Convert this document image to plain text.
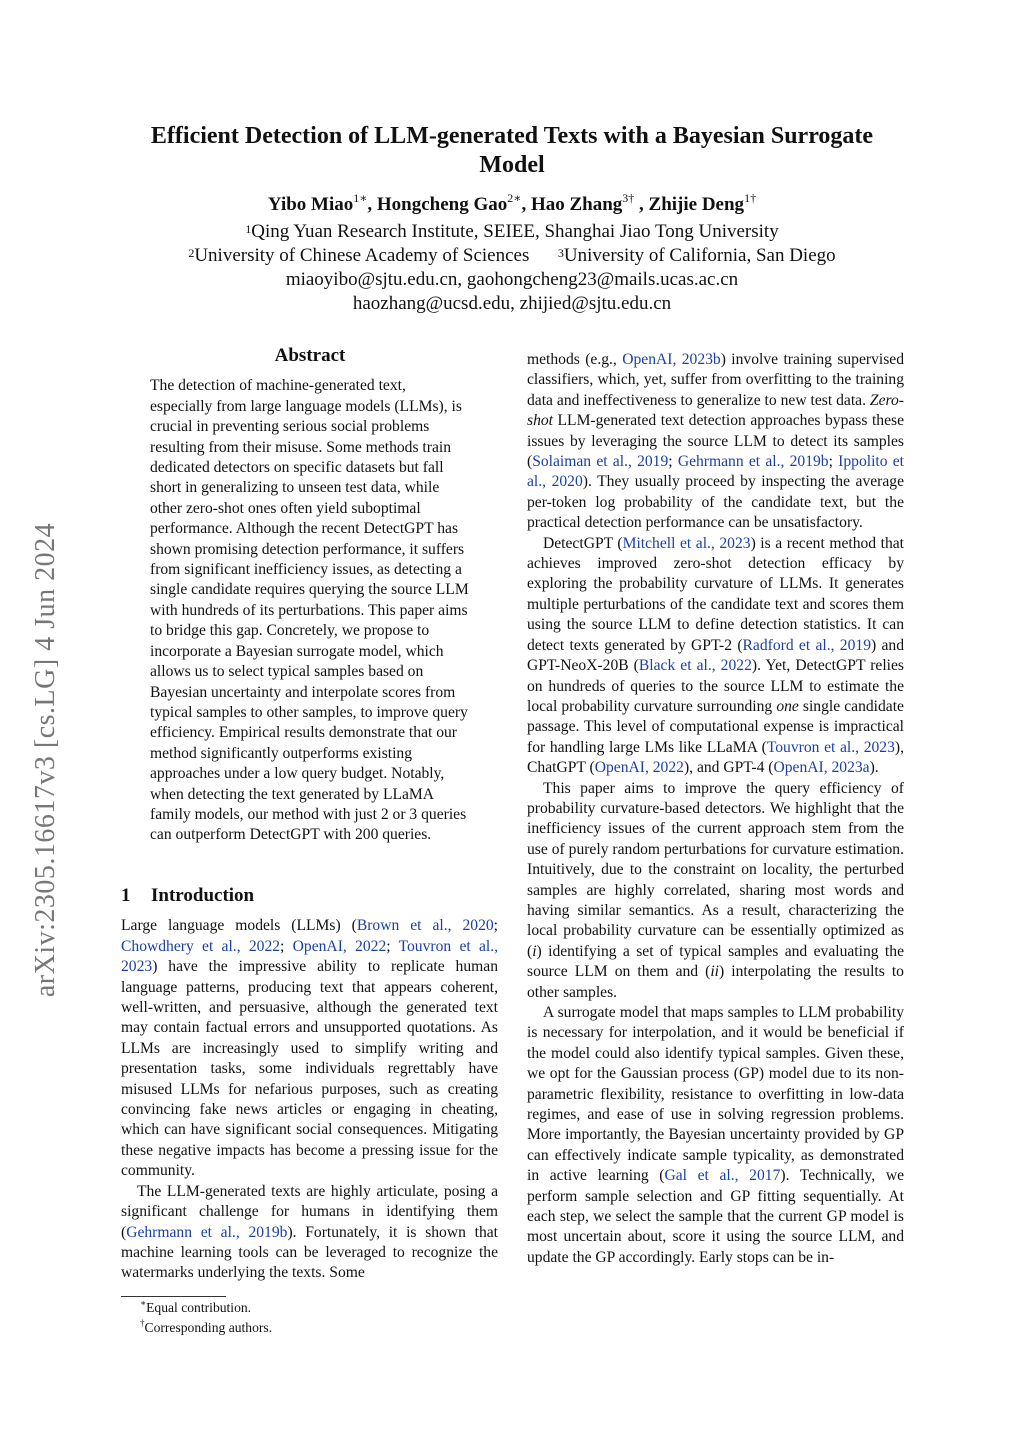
arXiv:2305.16617v3 [cs.LG] 4 Jun 2024
Efficient Detection of LLM-generated Texts with a Bayesian Surrogate Model
Yibo Miao$^{1∗}$, Hongcheng Gao$^{2∗}$, Hao Zhang$^{3\dagger}$ , Zhijie Deng$^{1\dagger}$
$^1$Qing Yuan Research Institute, SEIEE, Shanghai Jiao Tong University
$^2$University of Chinese Academy of Sciences $^3$University of California, San Diego
miaoyibo@sjtu.edu.cn, gaohongcheng23@mails.ucas.ac.cn
haozhang@ucsd.edu, zhijied@sjtu.edu.cn
Abstract

The detection of machine-generated text, especially from large language models (LLMs), is crucial in preventing serious social problems resulting from their misuse. Some methods train dedicated detectors on specific datasets but fall short in generalizing to unseen test data, while other zero-shot ones often yield suboptimal performance. Although the recent DetectGPT has shown promising detection performance, it suffers from significant inefficiency issues, as detecting a single candidate requires querying the source LLM with hundreds of its perturbations. This paper aims to bridge this gap. Concretely, we propose to incorporate a Bayesian surrogate model, which allows us to select typical samples based on Bayesian uncertainty and interpolate scores from typical samples to other samples, to improve query efficiency. Empirical results demonstrate that our method significantly outperforms existing approaches under a low query budget. Notably, when detecting the text generated by LLaMA family models, our method with just 2 or 3 queries can outperform DetectGPT with 200 queries.

1 Introduction

Large language models (LLMs) (Brown et al., 2020; Chowdhery et al., 2022; OpenAI, 2022; Touvron et al., 2023) have the impressive ability to replicate human language patterns, producing text that appears coherent, well-written, and persuasive, although the generated text may contain factual errors and unsupported quotations. As LLMs are increasingly used to simplify writing and presentation tasks, some individuals regrettably have misused LLMs for nefarious purposes, such as creating convincing fake news articles or engaging in cheating, which can have significant social consequences. Mitigating these negative impacts has become a pressing issue for the community.

The LLM-generated texts are highly articulate, posing a significant challenge for humans in identifying them (Gehrmann et al., 2019b). Fortunately, it is shown that machine learning tools can be leveraged to recognize the watermarks underlying the texts. Some

methods (e.g., OpenAI, 2023b) involve training supervised classifiers, which, yet, suffer from overfitting to the training data and ineffectiveness to generalize to new test data. Zero-shot LLM-generated text detection approaches bypass these issues by leveraging the source LLM to detect its samples (Solaiman et al., 2019; Gehrmann et al., 2019b; Ippolito et al., 2020). They usually proceed by inspecting the average per-token log probability of the candidate text, but the practical detection performance can be unsatisfactory.

DetectGPT (Mitchell et al., 2023) is a recent method that achieves improved zero-shot detection efficacy by exploring the probability curvature of LLMs. It generates multiple perturbations of the candidate text and scores them using the source LLM to define detection statistics. It can detect texts generated by GPT-2 (Radford et al., 2019) and GPT-NeoX-20B (Black et al., 2022). Yet, DetectGPT relies on hundreds of queries to the source LLM to estimate the local probability curvature surrounding one single candidate passage. This level of computational expense is impractical for handling large LMs like LLaMA (Touvron et al., 2023), ChatGPT (OpenAI, 2022), and GPT-4 (OpenAI, 2023a).

This paper aims to improve the query efficiency of probability curvature-based detectors. We highlight that the inefficiency issues of the current approach stem from the use of purely random perturbations for curvature estimation. Intuitively, due to the constraint on locality, the perturbed samples are highly correlated, sharing most words and having similar semantics. As a result, characterizing the local probability curvature can be essentially optimized as (i) identifying a set of typical samples and evaluating the source LLM on them and (ii) interpolating the results to other samples.

A surrogate model that maps samples to LLM probability is necessary for interpolation, and it would be beneficial if the model could also identify typical samples. Given these, we opt for the Gaussian process (GP) model due to its non-parametric flexibility, resistance to overfitting in low-data regimes, and ease of use in solving regression problems. More importantly, the Bayesian uncertainty provided by GP can effectively indicate sample typicality, as demonstrated in active learning (Gal et al., 2017). Technically, we perform sample selection and GP fitting sequentially. At each step, we select the sample that the current GP model is most uncertain about, score it using the source LLM, and update the GP accordingly. Early stops can be in-

∗Equal contribution.
†Corresponding authors.
